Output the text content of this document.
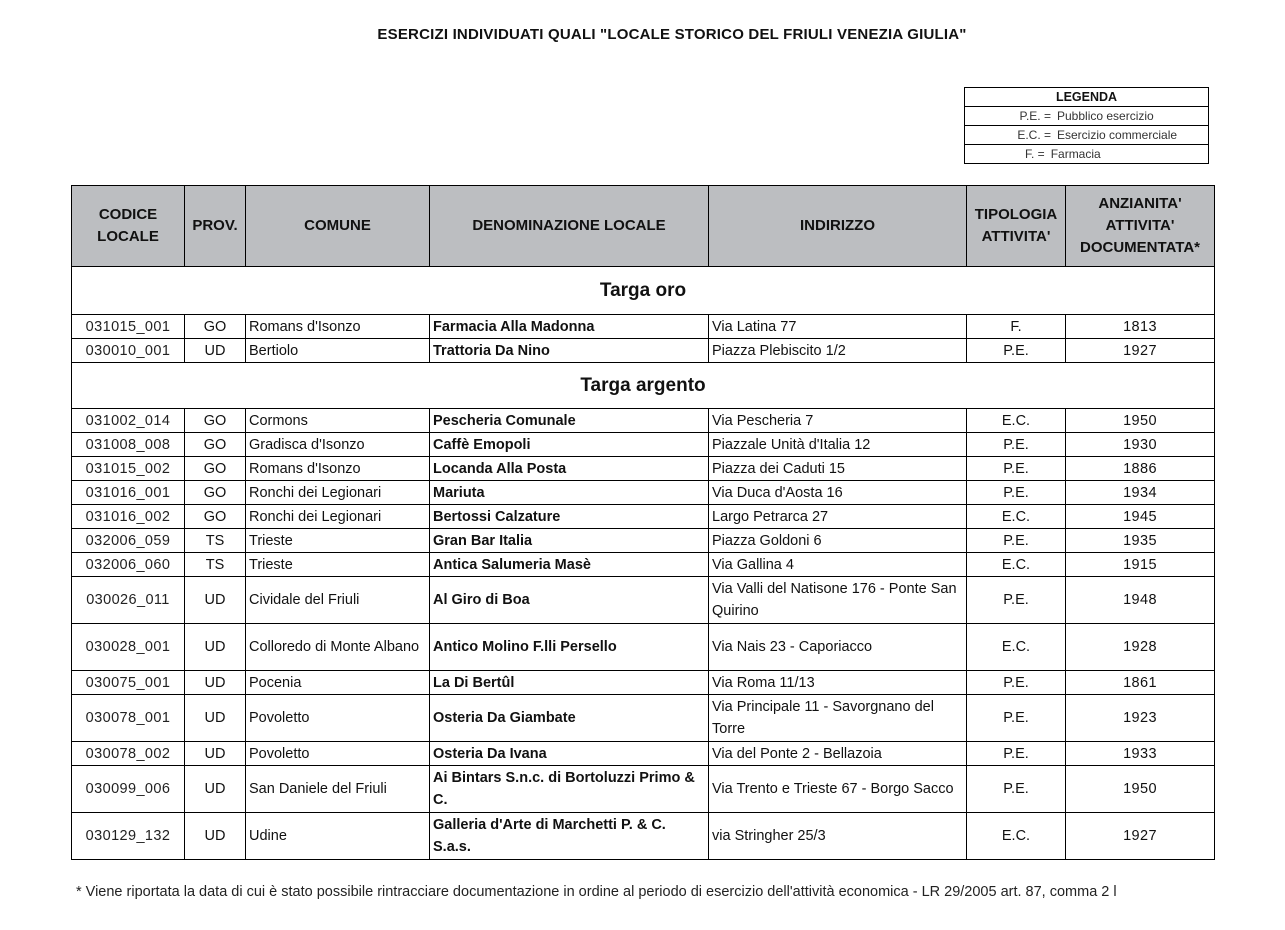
ESERCIZI INDIVIDUATI QUALI "LOCALE STORICO DEL FRIULI VENEZIA GIULIA"
LEGENDA
P.E. = Pubblico esercizio
E.C. = Esercizio commerciale
F. = Farmacia
CODICE LOCALE	PROV.	COMUNE	DENOMINAZIONE LOCALE	INDIRIZZO	TIPOLOGIA ATTIVITA'	ANZIANITA' ATTIVITA' DOCUMENTATA*
Targa oro						
031015_001	GO	Romans d'Isonzo	Farmacia Alla Madonna	Via Latina 77	F.	1813
030010_001	UD	Bertiolo	Trattoria Da Nino	Piazza Plebiscito 1/2	P.E.	1927
Targa argento						
031002_014	GO	Cormons	Pescheria Comunale	Via Pescheria 7	E.C.	1950
031008_008	GO	Gradisca d'Isonzo	Caffè Emopoli	Piazzale Unità d'Italia 12	P.E.	1930
031015_002	GO	Romans d'Isonzo	Locanda Alla Posta	Piazza dei Caduti 15	P.E.	1886
031016_001	GO	Ronchi dei Legionari	Mariuta	Via Duca d'Aosta 16	P.E.	1934
031016_002	GO	Ronchi dei Legionari	Bertossi Calzature	Largo Petrarca 27	E.C.	1945
032006_059	TS	Trieste	Gran Bar Italia	Piazza Goldoni 6	P.E.	1935
032006_060	TS	Trieste	Antica Salumeria Masè	Via Gallina 4	E.C.	1915
030026_011	UD	Cividale del Friuli	Al Giro di Boa	Via Valli del Natisone 176 - Ponte San Quirino	P.E.	1948
030028_001	UD	Colloredo di Monte Albano	Antico Molino F.lli Persello	Via Nais 23 - Caporiacco	E.C.	1928
030075_001	UD	Pocenia	La Di Bertûl	Via Roma 11/13	P.E.	1861
030078_001	UD	Povoletto	Osteria Da Giambate	Via Principale 11 - Savorgnano del Torre	P.E.	1923
030078_002	UD	Povoletto	Osteria Da Ivana	Via del Ponte 2 - Bellazoia	P.E.	1933
030099_006	UD	San Daniele del Friuli	Ai Bintars S.n.c. di Bortoluzzi Primo & C.	Via Trento e Trieste 67 - Borgo Sacco	P.E.	1950
030129_132	UD	Udine	Galleria d'Arte di Marchetti P. & C. S.a.s.	via Stringher 25/3	E.C.	1927
* Viene riportata la data di cui è stato possibile rintracciare documentazione in ordine al periodo di esercizio dell'attività economica - LR 29/2005 art. 87, comma 2 l
